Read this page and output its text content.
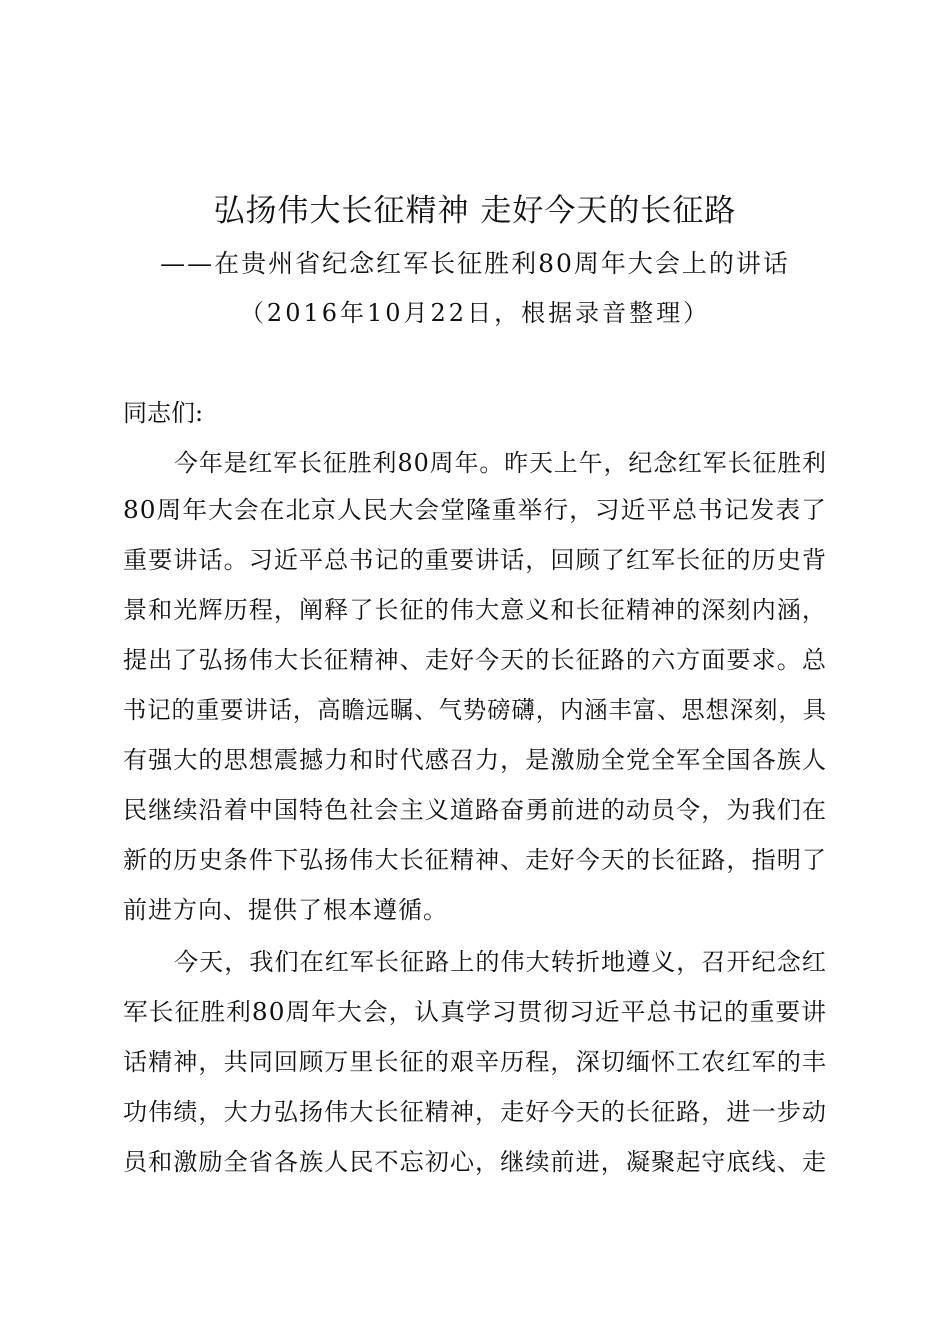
弘扬伟大长征精神 走好今天的长征路
——在贵州省纪念红军长征胜利80周年大会上的讲话
（2016年10月22日，根据录音整理）
同志们:
今年是红军长征胜利80周年。昨天上午，纪念红军长征胜利
80周年大会在北京人民大会堂隆重举行，习近平总书记发表了
重要讲话。习近平总书记的重要讲话，回顾了红军长征的历史背
景和光辉历程，阐释了长征的伟大意义和长征精神的深刻内涵，
提出了弘扬伟大长征精神、走好今天的长征路的六方面要求。总
书记的重要讲话，高瞻远瞩、气势磅礴，内涵丰富、思想深刻，具
有强大的思想震撼力和时代感召力，是激励全党全军全国各族人
民继续沿着中国特色社会主义道路奋勇前进的动员令，为我们在
新的历史条件下弘扬伟大长征精神、走好今天的长征路，指明了
前进方向、提供了根本遵循。
今天，我们在红军长征路上的伟大转折地遵义，召开纪念红
军长征胜利80周年大会，认真学习贯彻习近平总书记的重要讲
话精神，共同回顾万里长征的艰辛历程，深切缅怀工农红军的丰
功伟绩，大力弘扬伟大长征精神，走好今天的长征路，进一步动
员和激励全省各族人民不忘初心，继续前进，凝聚起守底线、走
